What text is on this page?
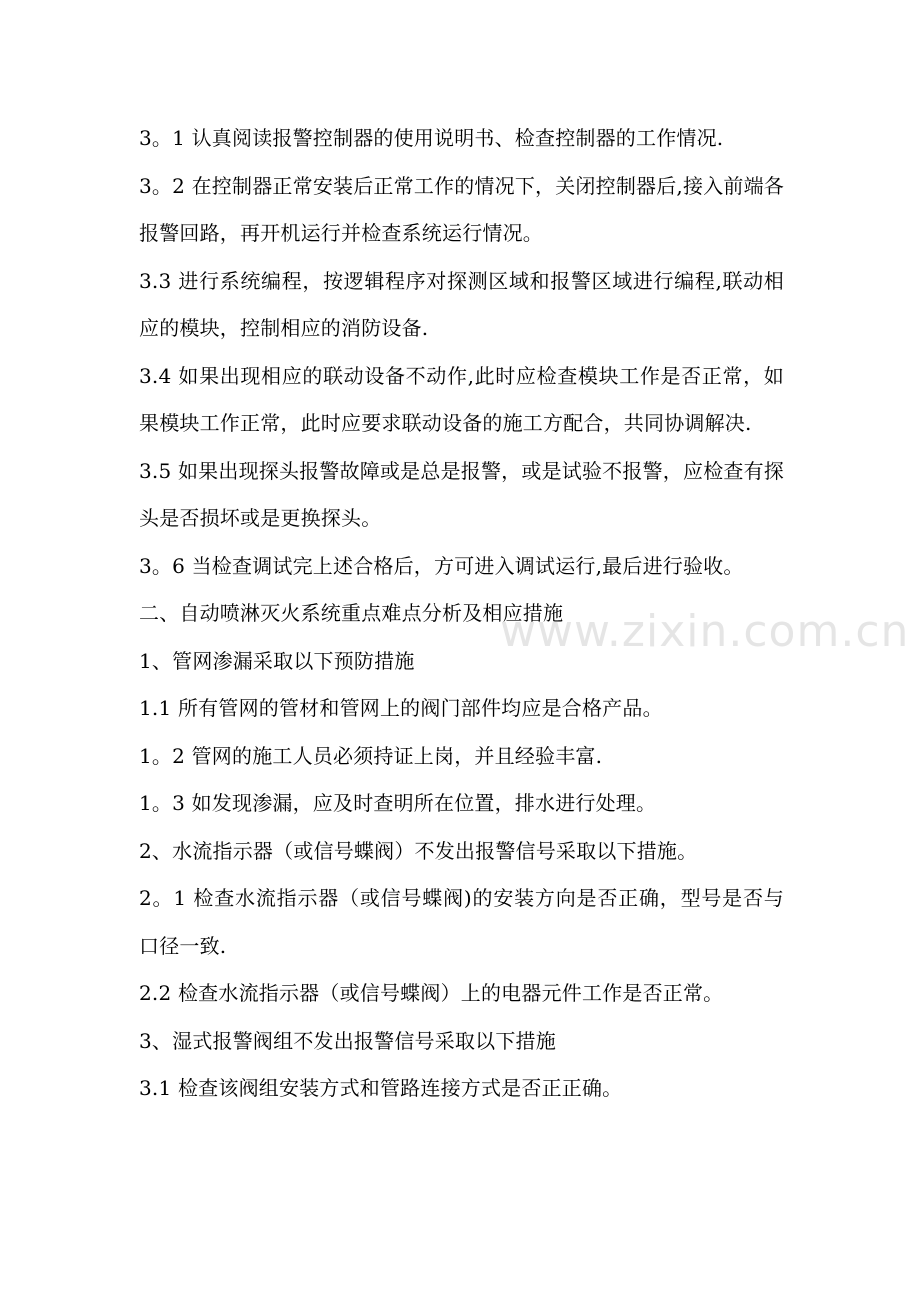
3。1 认真阅读报警控制器的使用说明书、检查控制器的工作情况.

3。2 在控制器正常安装后正常工作的情况下，关闭控制器后,接入前端各报警回路，再开机运行并检查系统运行情况。

3.3 进行系统编程，按逻辑程序对探测区域和报警区域进行编程,联动相应的模块，控制相应的消防设备.

3.4 如果出现相应的联动设备不动作,此时应检查模块工作是否正常，如果模块工作正常，此时应要求联动设备的施工方配合，共同协调解决.

3.5 如果出现探头报警故障或是总是报警，或是试验不报警，应检查有探头是否损坏或是更换探头。

3。6 当检查调试完上述合格后，方可进入调试运行,最后进行验收。

二、自动喷淋灭火系统重点难点分析及相应措施

1、管网渗漏采取以下预防措施

1.1 所有管网的管材和管网上的阀门部件均应是合格产品。

1。2 管网的施工人员必须持证上岗，并且经验丰富.

1。3 如发现渗漏，应及时查明所在位置，排水进行处理。

2、水流指示器（或信号蝶阀）不发出报警信号采取以下措施。

2。1 检查水流指示器（或信号蝶阀)的安装方向是否正确，型号是否与口径一致.

2.2 检查水流指示器（或信号蝶阀）上的电器元件工作是否正常。

3、湿式报警阀组不发出报警信号采取以下措施

3.1 检查该阀组安装方式和管路连接方式是否正正确。

www.zixin.com.cn
